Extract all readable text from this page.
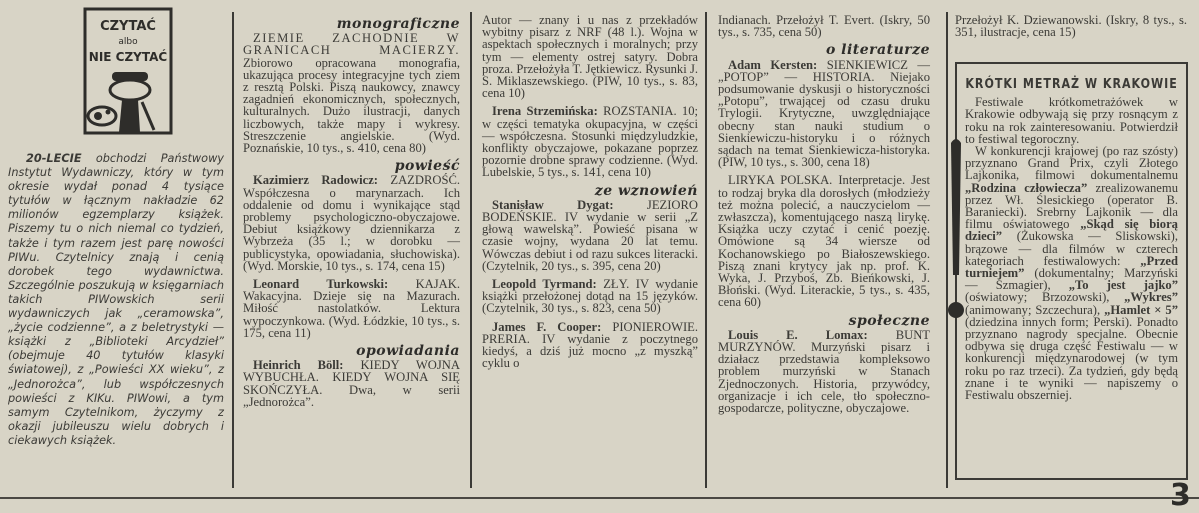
CZYTAĆ
albo
NIE CZYTAĆ

20-LECIE obchodzi Państwowy Instytut Wydawniczy, który w tym okresie wydał ponad 4 tysiące tytułów w łącznym nakładzie 62 milionów egzemplarzy książek. Piszemy tu o nich niemal co tydzień, także i tym razem jest parę nowości PIWu. Czytelnicy znają i cenią dorobek tego wydawnictwa. Szczególnie poszukują w księgarniach takich PIWowskich serii wydawniczych jak „ceramowska”, „życie codzienne”, a z beletrystyki — książki z „Biblioteki Arcydzieł” (obejmuje 40 tytułów klasyki światowej), z „Powieści XX wieku”, z „Jednorożca”, lub współczesnych powieści z KIKu. PIWowi, a tym samym Czytelnikom, życzymy z okazji jubileuszu wielu dobrych i ciekawych książek.

monograficzne

ZIEMIE ZACHODNIE W GRANICACH MACIERZY. Zbiorowo opracowana monografia, ukazująca procesy integracyjne tych ziem z resztą Polski. Piszą naukowcy, znawcy zagadnień ekonomicznych, społecznych, kulturalnych. Dużo ilustracji, danych liczbowych, także mapy i wykresy. Streszczenie angielskie. (Wyd. Poznańskie, 10 tys., s. 410, cena 80)

powieść

Kazimierz Radowicz: ZAZDROŚĆ. Współczesna o marynarzach. Ich oddalenie od domu i wynikające stąd problemy psychologiczno-obyczajowe. Debiut książkowy dziennikarza z Wybrzeża (35 l.; w dorobku — publicystyka, opowiadania, słuchowiska). (Wyd. Morskie, 10 tys., s. 174, cena 15)

Leonard Turkowski: KAJAK. Wakacyjna. Dzieje się na Mazurach. Miłość nastolatków. Lektura wypoczynkowa. (Wyd. Łódzkie, 10 tys., s. 175, cena 11)

opowiadania

Heinrich Böll: KIEDY WOJNA WYBUCHŁA. KIEDY WOJNA SIĘ SKOŃCZYŁA. Dwa, w serii „Jednorożca”.

Autor — znany i u nas z przekładów wybitny pisarz z NRF (48 l.). Wojna w aspektach społecznych i moralnych; przy tym — elementy ostrej satyry. Dobra proza. Przełożyła T. Jętkiewicz. Rysunki J. S. Miklaszewskiego. (PIW, 10 tys., s. 83, cena 10)

Irena Strzemińska: ROZSTANIA. 10; w części tematyka okupacyjna, w części — współczesna. Stosunki międzyludzkie, konflikty obyczajowe, pokazane poprzez pozornie drobne sprawy codzienne. (Wyd. Lubelskie, 5 tys., s. 141, cena 10)

ze wznowień

Stanisław Dygat:	JEZIORO BODEŃSKIE. IV wydanie w serii „Z głową wawelską”. Powieść pisana w czasie wojny, wydana 20 lat temu. Wówczas debiut i od razu sukces literacki. (Czytelnik, 20 tys., s. 395, cena 20)

Leopold Tyrmand: ZŁY. IV wydanie książki przełożonej dotąd na 15 języków. (Czytelnik, 30 tys., s. 823, cena 50)

James F. Cooper: PIONIEROWIE. PRERIA. IV wydanie z poczytnego kiedyś, a dziś już mocno „z myszką” cyklu o

Indianach. Przełożył T. Evert. (Iskry, 50 tys., s. 735, cena 50)

o literaturze

Adam Kersten: SIENKIEWICZ — „POTOP” — HISTORIA. Niejako podsumowanie dyskusji o historyczności „Potopu”, trwającej od czasu druku Trylogii. Krytyczne, uwzględniające obecny stan nauki studium o Sienkiewiczu-historyku i o różnych sądach na temat Sienkiewicza-historyka. (PIW, 10 tys., s. 300, cena 18)

LIRYKA POLSKA. Interpretacje. Jest to rodzaj bryka dla dorosłych (młodzieży też można polecić, a nauczycielom — zwłaszcza), komentującego naszą lirykę. Książka uczy czytać i cenić poezję. Omówione są 34 wiersze od Kochanowskiego po Białoszewskiego. Piszą znani krytycy jak np. prof. K. Wyka, J. Przyboś, Zb. Bieńkowski, J. Błoński. (Wyd. Literackie, 5 tys., s. 435, cena 60)

społeczne

Louis E. Lomax: BUNT MURZYNÓW. Murzyński pisarz i działacz przedstawia kompleksowo problem murzyński w Stanach Zjednoczonych. Historia, przywódcy, organizacje i ich cele, tło społeczno-gospodarcze, polityczne, obyczajowe.

Przełożył K. Dziewanowski. (Iskry, 8 tys., s. 351, ilustracje, cena 15)

KRÓTKI METRAŻ W KRAKOWIE

Festiwale krótkometrażówek w Krakowie odbywają się przy rosnącym z roku na rok zainteresowaniu. Potwierdził to festiwal tegoroczny.

W konkurencji krajowej (po raz szósty) przyznano Grand Prix, czyli Złotego Lajkonika, filmowi dokumentalnemu „Rodzina człowiecza” zrealizowanemu przez Wł. Ślesickiego (operator B. Baraniecki). Srebrny Lajkonik — dla filmu oświatowego „Skąd się biorą dzieci” (Żukowska — Sliskowski), brązowe — dla filmów w czterech kategoriach festiwalowych: „Przed turniejem” (dokumentalny; Marzyński — Szmagier), „To jest jajko” (oświatowy; Brzozowski), „Wykres” (animowany; Szczechura), „Hamlet × 5” (dziedzina innych form; Perski). Ponadto przyznano nagrody specjalne. Obecnie odbywa się druga część Festiwalu — w konkurencji międzynarodowej (w tym roku po raz trzeci). Za tydzień, gdy będą znane i te wyniki — napiszemy o Festiwalu obszerniej.

3
